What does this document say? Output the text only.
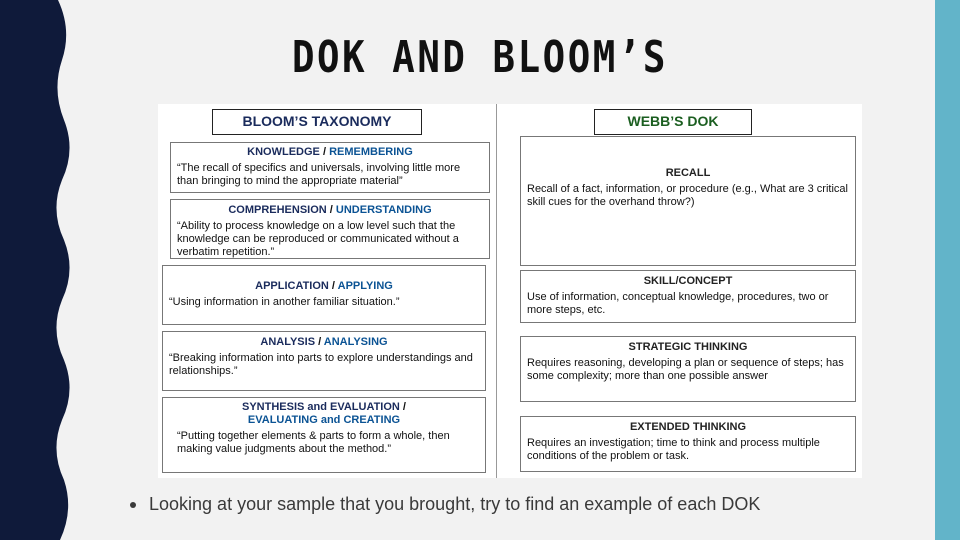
DOK AND BLOOM’S
BLOOM’S TAXONOMY	WEBB’S DOK
KNOWLEDGE / REMEMBERING
“The recall of specifics and universals, involving little more than bringing to mind the appropriate material”
COMPREHENSION / UNDERSTANDING
“Ability to process knowledge on a low level such that the knowledge can be reproduced or communicated without a verbatim repetition.”
APPLICATION / APPLYING
“Using information in another familiar situation.”
ANALYSIS / ANALYSING
“Breaking information into parts to explore understandings and relationships.”
SYNTHESIS and EVALUATION /
EVALUATING and CREATING
“Putting together elements & parts to form a whole, then making value judgments about the method.”
RECALL
Recall of a fact, information, or procedure (e.g., What are 3 critical skill cues for the overhand throw?)
SKILL/CONCEPT
Use of information, conceptual knowledge, procedures, two or more steps, etc.
STRATEGIC THINKING
Requires reasoning, developing a plan or sequence of steps; has some complexity; more than one possible answer
EXTENDED THINKING
Requires an investigation; time to think and process multiple conditions of the problem or task.
Looking at your sample that you brought, try to find an example of each DOK
